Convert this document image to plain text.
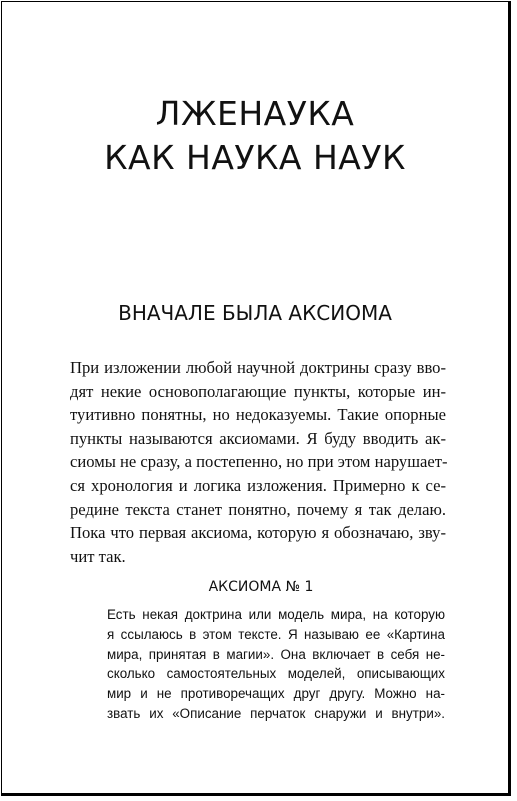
ЛЖЕНАУКА
КАК НАУКА НАУК
ВНАЧАЛЕ БЫЛА АКСИОМА
При изложении любой научной доктрины сразу вво-
дят некие основополагающие пункты, которые ин-
туитивно понятны, но недоказуемы. Такие опорные
пункты называются аксиомами. Я буду вводить ак-
сиомы не сразу, а постепенно, но при этом нарушает-
ся хронология и логика изложения. Примерно к се-
редине текста станет понятно, почему я так делаю.
Пока что первая аксиома, которую я обозначаю, зву-
чит так.
АКСИОМА № 1
Есть некая доктрина или модель мира, на которую
я ссылаюсь в этом тексте. Я называю ее «Картина
мира, принятая в магии». Она включает в себя не-
сколько самостоятельных моделей, описывающих
мир и не противоречащих друг другу. Можно на-
звать их «Описание перчаток снаружи и внутри».
